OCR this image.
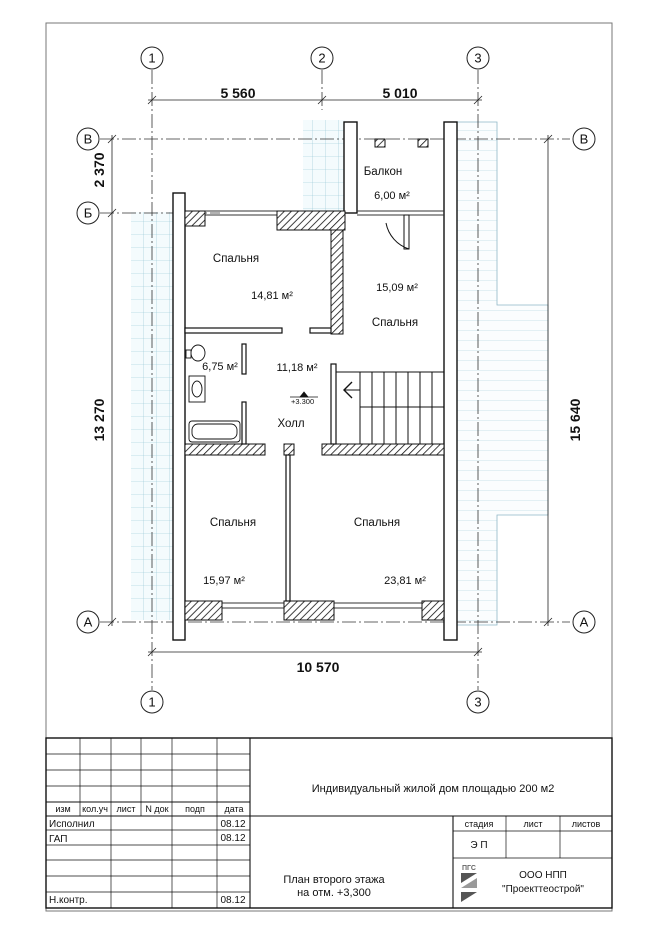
5 560	5 010
2 370
13 270	15 640
10 570
1	2	3
1	3
В
Б
А
В
А
+3.300
Балкон
6,00 м²
Спальня
14,81 м²
15,09 м²
Спальня
6,75 м²	11,18 м²
Холл
Спальня
15,97 м²
Спальня
23,81 м²
Индивидуальный жилой дом площадью 200 м2
изм кол.уч лист N док подп дата
Исполнил	08.12
ГАП	08.12
Н.контр.	08.12
План второго этажа
на отм. +3,300
стадия	лист	листов
Э П
ПГС
ООО НПП
"Проекттеострой"
